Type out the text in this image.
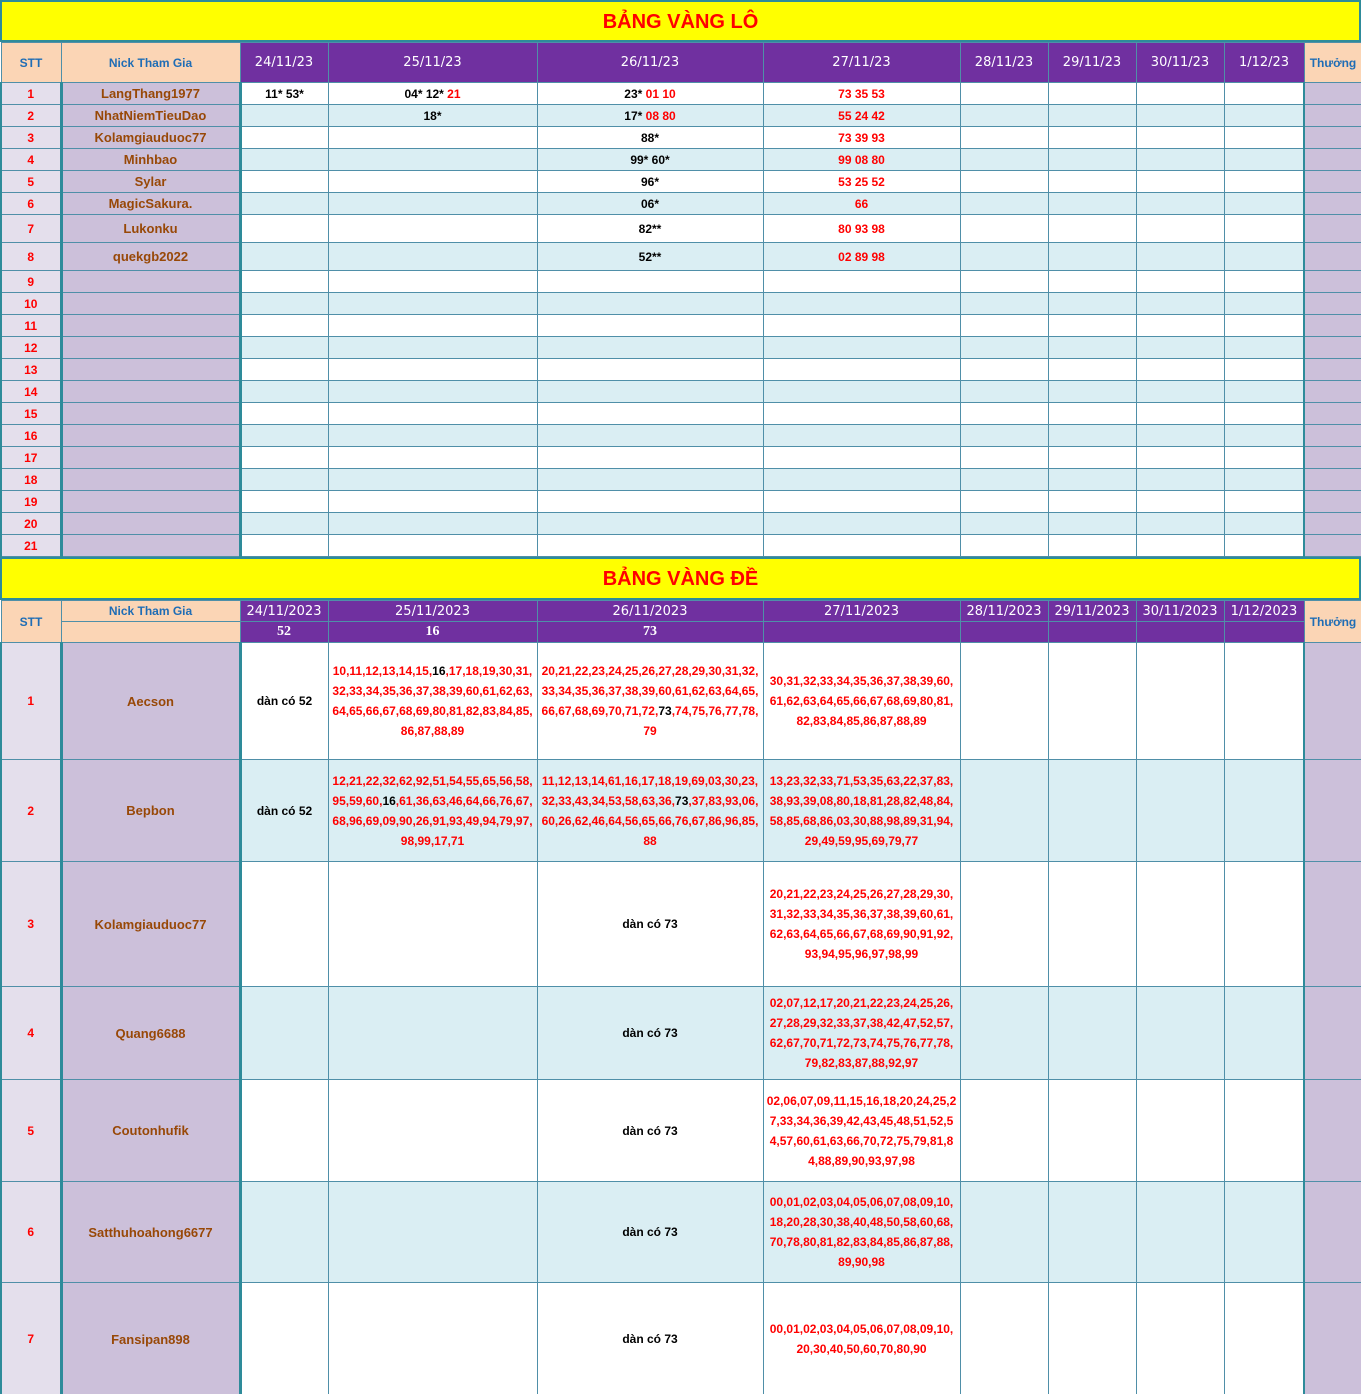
BẢNG VÀNG LÔ
STT	Nick Tham Gia	24/11/23	25/11/23	26/11/23	27/11/23	28/11/23	29/11/23	30/11/23	1/12/23	Thưởng
1	LangThang1977	11* 53*	04* 12* 21	23* 01 10	73 35 53					

2	NhatNiemTieuDao		18*	17* 08 80	55 24 42					

3	Kolamgiauduoc77			88*	73 39 93					

4	Minhbao			99* 60*	99 08 80					

5	Sylar			96*	53 25 52					

6	MagicSakura.			06*	66					

7	Lukonku			82**	80 93 98					

8	quekgb2022			52**	02 89 98					

9										
10										
11										
12										
13										
14										
15										
16										
17										
18										
19										
20										
21										
BẢNG VÀNG ĐỀ
STT	Nick Tham Gia	24/11/2023	25/11/2023	26/11/2023	27/11/2023	28/11/2023	29/11/2023	30/11/2023	1/12/2023	Thưởng
		52	16	73						
1	Aecson	dàn có 52	10,11,12,13,14,15,16,17,18,19,30,31,32,33,34,35,36,37,38,39,60,61,62,63,64,65,66,67,68,69,80,81,82,83,84,85,86,87,88,89	20,21,22,23,24,25,26,27,28,29,30,31,32,33,34,35,36,37,38,39,60,61,62,63,64,65,66,67,68,69,70,71,72,73,74,75,76,77,78,79	30,31,32,33,34,35,36,37,38,39,60,61,62,63,64,65,66,67,68,69,80,81,82,83,84,85,86,87,88,89					

2	Bepbon	dàn có 52	12,21,22,32,62,92,51,54,55,65,56,58,95,59,60,16,61,36,63,46,64,66,76,67,68,96,69,09,90,26,91,93,49,94,79,97,98,99,17,71	11,12,13,14,61,16,17,18,19,69,03,30,23,32,33,43,34,53,58,63,36,73,37,83,93,06,60,26,62,46,64,56,65,66,76,67,86,96,85,88	13,23,32,33,71,53,35,63,22,37,83,38,93,39,08,80,18,81,28,82,48,84,58,85,68,86,03,30,88,98,89,31,94,29,49,59,95,69,79,77					

3	Kolamgiauduoc77			dàn có 73	20,21,22,23,24,25,26,27,28,29,30,31,32,33,34,35,36,37,38,39,60,61,62,63,64,65,66,67,68,69,90,91,92,93,94,95,96,97,98,99					

4	Quang6688			dàn có 73	02,07,12,17,20,21,22,23,24,25,26,27,28,29,32,33,37,38,42,47,52,57,62,67,70,71,72,73,74,75,76,77,78,79,82,83,87,88,92,97					

5	Coutonhufik			dàn có 73	02,06,07,09,11,15,16,18,20,24,25,27,33,34,36,39,42,43,45,48,51,52,54,57,60,61,63,66,70,72,75,79,81,84,88,89,90,93,97,98					

6	Satthuhoahong6677			dàn có 73	00,01,02,03,04,05,06,07,08,09,10,18,20,28,30,38,40,48,50,58,60,68,70,78,80,81,82,83,84,85,86,87,88,89,90,98					

7	Fansipan898			dàn có 73	00,01,02,03,04,05,06,07,08,09,10,20,30,40,50,60,70,80,90					
